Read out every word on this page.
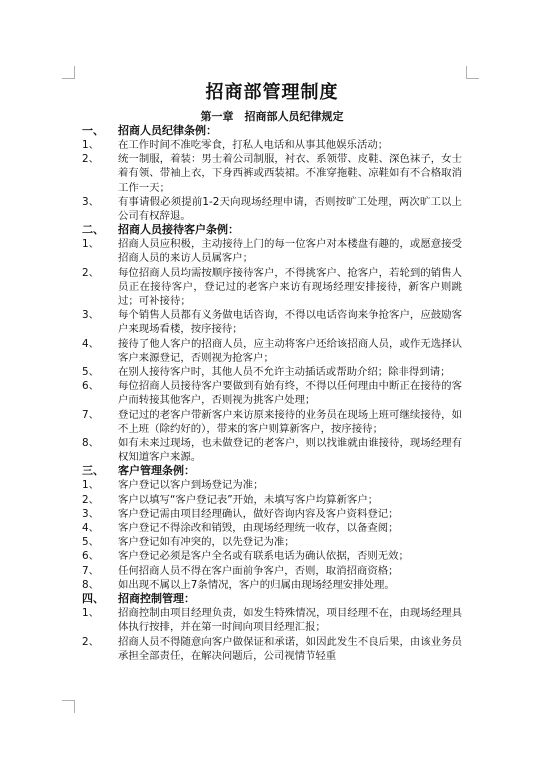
招商部管理制度
第一章　招商部人员纪律规定
一、	招商人员纪律条例：
1、	在工作时间不准吃零食，打私人电话和从事其他娱乐活动；
2、	统一制服，着装：男士着公司制服，衬衣、系领带、皮鞋、深色袜子，女士着有领、带袖上衣，下身西裤或西装裙。不准穿拖鞋、凉鞋如有不合格取消工作一天；
3、	有事请假必须提前1-2天向现场经理申请，否则按旷工处理，两次旷工以上公司有权辞退。
二、	招商人员接待客户条例：
1、	招商人员应积极，主动接待上门的每一位客户对本楼盘有趣的，或愿意接受招商人员的来访人员属客户；
2、	每位招商人员均需按顺序接待客户，不得挑客户、抢客户，若轮到的销售人员正在接待客户，登记过的老客户来访有现场经理安排接待，新客户则跳过；可补接待；
3、	每个销售人员都有义务做电话咨询，不得以电话咨询来争抢客户，应鼓励客户来现场看楼，按序接待；
4、	接待了他人客户的招商人员，应主动将客户还给该招商人员，或作无选择认客户来源登记，否则视为抢客户；
5、	在别人接待客户时，其他人员不允许主动插话或帮助介绍；除非得到请；
6、	每位招商人员接待客户要做到有始有终，不得以任何理由中断正在接待的客户而转接其他客户，否则视为挑客户处理；
7、	登记过的老客户带新客户来访原来接待的业务员在现场上班可继续接待，如不上班（除约好的），带来的客户则算新客户，按序接待；
8、	如有未来过现场，也未做登记的老客户，则以找谁就由谁接待，现场经理有权知道客户来源。
三、	客户管理条例：
1、	客户登记以客户到场登记为准；
2、	客户以填写“客户登记表”开始，未填写客户均算新客户；
3、	客户登记需由项目经理确认，做好咨询内容及客户资料登记；
4、	客户登记不得涂改和销毁，由现场经理统一收存，以备查阅；
5、	客户登记如有冲突的，以先登记为准；
6、	客户登记必须是客户全名或有联系电话为确认依据，否则无效；
7、	任何招商人员不得在客户面前争客户，否则，取消招商资格；
8、	如出现不属以上7条情况，客户的归属由现场经理安排处理。
四、	招商控制管理：
1、	招商控制由项目经理负责，如发生特殊情况，项目经理不在，由现场经理具体执行按排，并在第一时间向项目经理汇报；
2、	招商人员不得随意向客户做保证和承诺，如因此发生不良后果，由该业务员承担全部责任，在解决问题后，公司视情节轻重
